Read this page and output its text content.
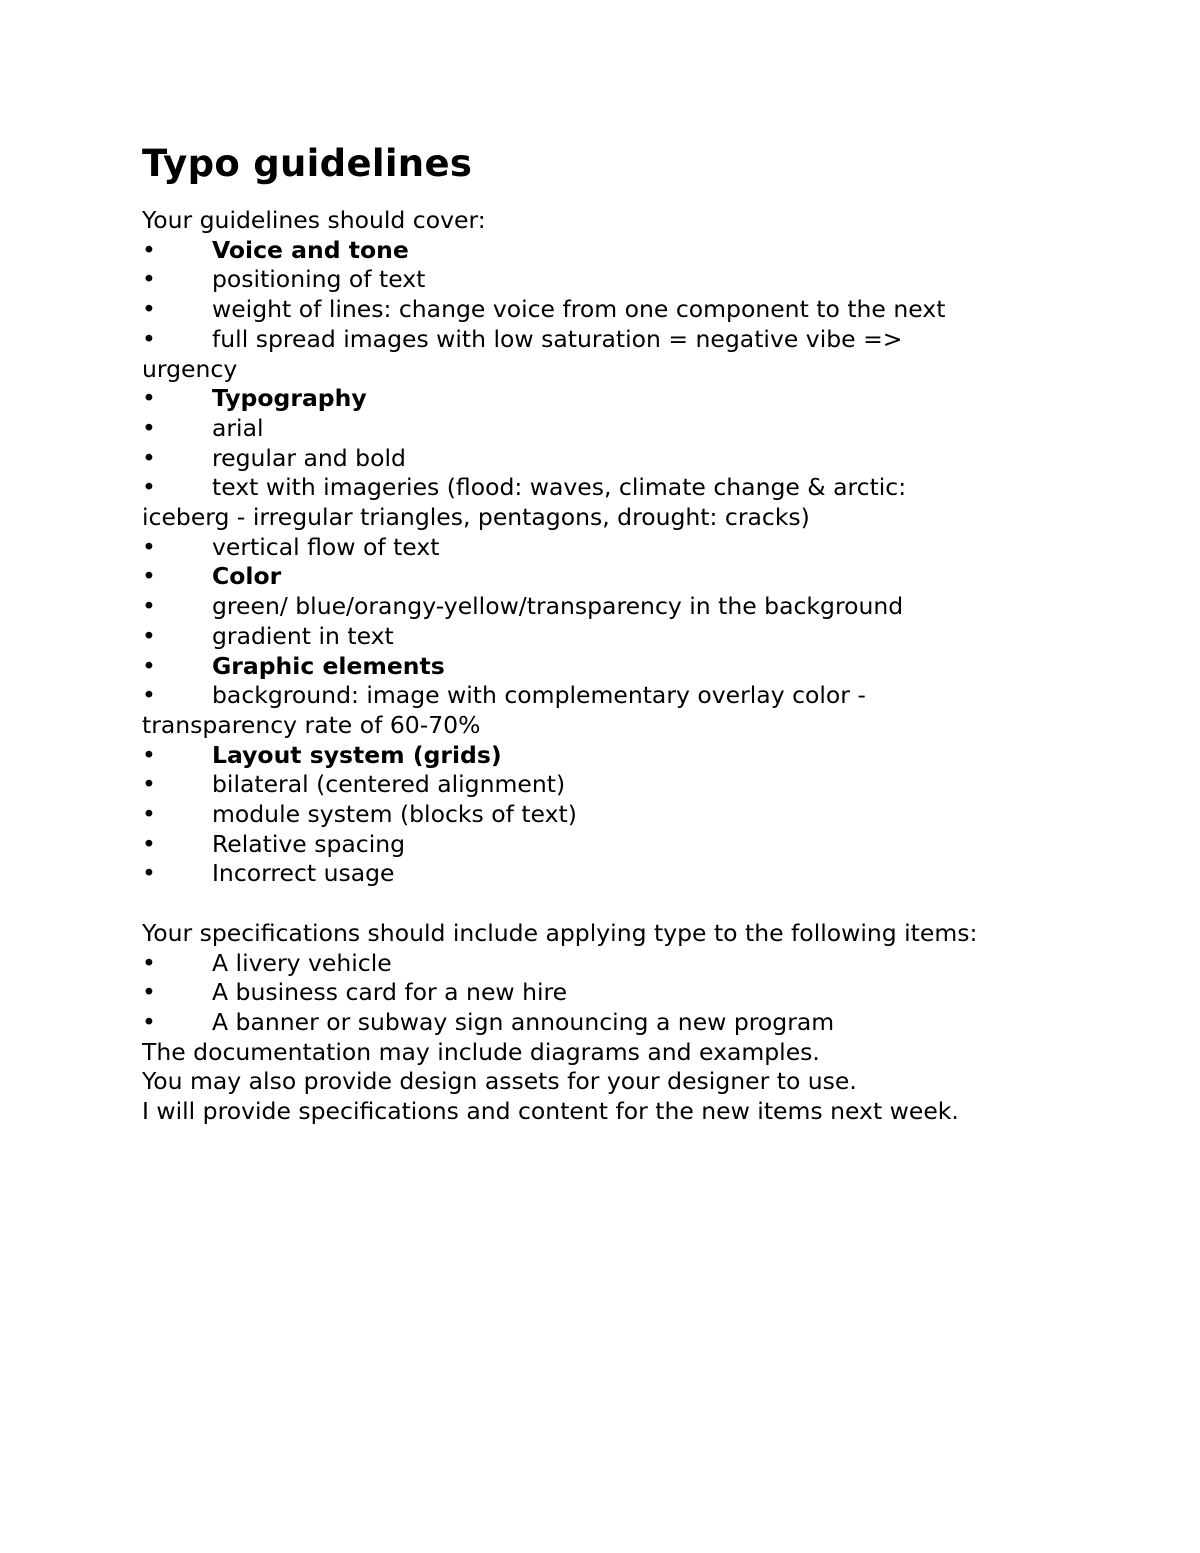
Typo guidelines

Your guidelines should cover:

• Voice and tone

• positioning of text

• weight of lines: change voice from one component to the next

• full spread images with low saturation = negative vibe =>
urgency

• Typography

• arial

• regular and bold

• text with imageries (flood: waves, climate change & arctic:
iceberg - irregular triangles, pentagons, drought: cracks)

• vertical flow of text

• Color

• green/ blue/orangy-yellow/transparency in the background

• gradient in text

• Graphic elements

• background: image with complementary overlay color -
transparency rate of 60-70%

• Layout system (grids)

• bilateral (centered alignment)

• module system (blocks of text)

• Relative spacing

• Incorrect usage

Your specifications should include applying type to the following items:

• A livery vehicle

• A business card for a new hire

• A banner or subway sign announcing a new program

The documentation may include diagrams and examples.

You may also provide design assets for your designer to use.

I will provide specifications and content for the new items next week.
